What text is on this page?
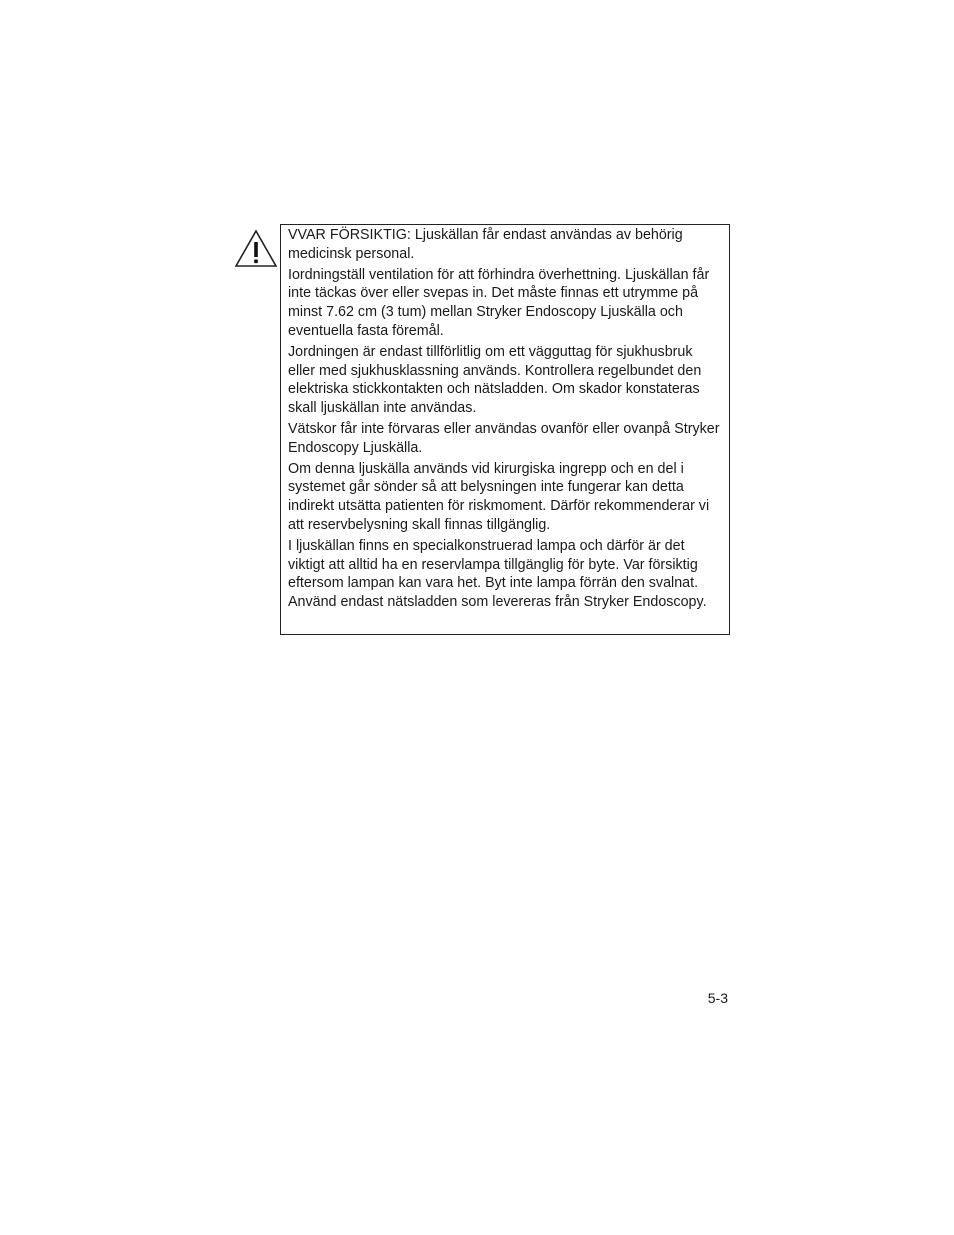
VVAR FÖRSIKTIG: Ljuskällan får endast användas av behörig medicinsk personal.

Iordningställ ventilation för att förhindra överhettning. Ljuskällan får inte täckas över eller svepas in. Det måste finnas ett utrymme på minst 7.62 cm (3 tum) mellan Stryker Endoscopy Ljuskälla och eventuella fasta föremål.

Jordningen är endast tillförlitlig om ett vägguttag för sjukhusbruk eller med sjukhusklassning används. Kontrollera regelbundet den elektriska stickkontakten och nätsladden. Om skador konstateras skall ljuskällan inte användas.

Vätskor får inte förvaras eller användas ovanför eller ovanpå Stryker Endoscopy Ljuskälla.

Om denna ljuskälla används vid kirurgiska ingrepp och en del i systemet går sönder så att belysningen inte fungerar kan detta indirekt utsätta patienten för riskmoment. Därför rekommenderar vi att reservbelysning skall finnas tillgänglig.

I ljuskällan finns en specialkonstruerad lampa och därför är det viktigt att alltid ha en reservlampa tillgänglig för byte. Var försiktig eftersom lampan kan vara het. Byt inte lampa förrän den svalnat. Använd endast nätsladden som levereras från Stryker Endoscopy.

5-3
